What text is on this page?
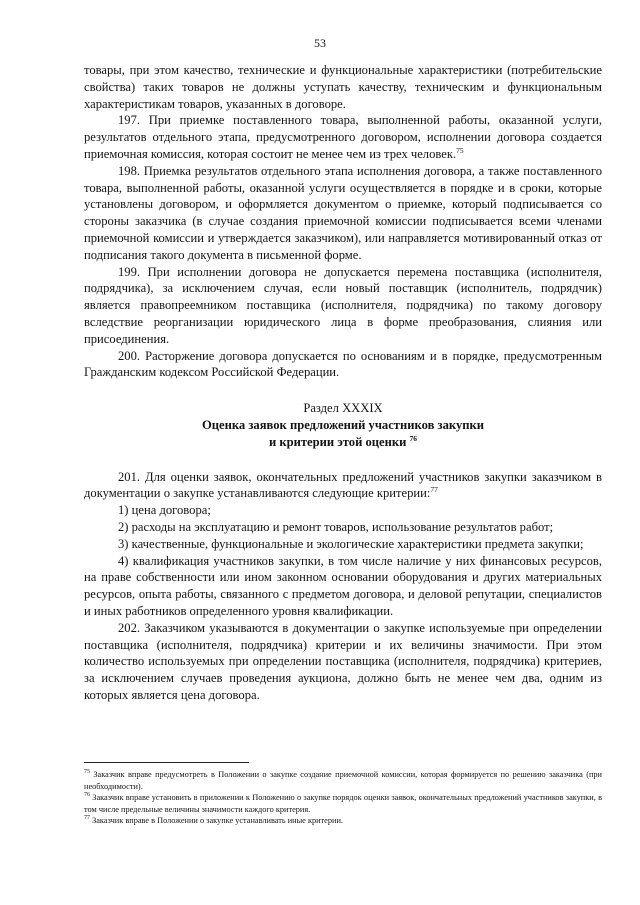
53

товары, при этом качество, технические и функциональные характеристики (потребительские свойства) таких товаров не должны уступать качеству, техническим и функциональным характеристикам товаров, указанных в договоре.

197. При приемке поставленного товара, выполненной работы, оказанной услуги, результатов отдельного этапа, предусмотренного договором, исполнении договора создается приемочная комиссия, которая состоит не менее чем из трех человек.$^{75}$

198. Приемка результатов отдельного этапа исполнения договора, а также поставленного товара, выполненной работы, оказанной услуги осуществляется в порядке и в сроки, которые установлены договором, и оформляется документом о приемке, который подписывается со стороны заказчика (в случае создания приемочной комиссии подписывается всеми членами приемочной комиссии и утверждается заказчиком), или направляется мотивированный отказ от подписания такого документа в письменной форме.

199. При исполнении договора не допускается перемена поставщика (исполнителя, подрядчика), за исключением случая, если новый поставщик (исполнитель, подрядчик) является правопреемником поставщика (исполнителя, подрядчика) по такому договору вследствие реорганизации юридического лица в форме преобразования, слияния или присоединения.

200. Расторжение договора допускается по основаниям и в порядке, предусмотренным Гражданским кодексом Российской Федерации.

Раздел XXXIX
Оценка заявок предложений участников закупки
и критерии этой оценки $^{76}$

201. Для оценки заявок, окончательных предложений участников закупки заказчиком в документации о закупке устанавливаются следующие критерии:$^{77}$

1) цена договора;

2) расходы на эксплуатацию и ремонт товаров, использование результатов работ;

3) качественные, функциональные и экологические характеристики предмета закупки;

4) квалификация участников закупки, в том числе наличие у них финансовых ресурсов, на праве собственности или ином законном основании оборудования и других материальных ресурсов, опыта работы, связанного с предметом договора, и деловой репутации, специалистов и иных работников определенного уровня квалификации.

202. Заказчиком указываются в документации о закупке используемые при определении поставщика (исполнителя, подрядчика) критерии и их величины значимости. При этом количество используемых при определении поставщика (исполнителя, подрядчика) критериев, за исключением случаев проведения аукциона, должно быть не менее чем два, одним из которых является цена договора.

$^{75}$ Заказчик вправе предусмотреть в Положении о закупке создание приемочной комиссии, которая формируется по решению заказчика (при необходимости).

$^{76}$ Заказчик вправе установить в приложении к Положению о закупке порядок оценки заявок, окончательных предложений участников закупки, в том числе предельные величины значимости каждого критерия.

$^{77}$ Заказчик вправе в Положении о закупке устанавливать иные критерии.
